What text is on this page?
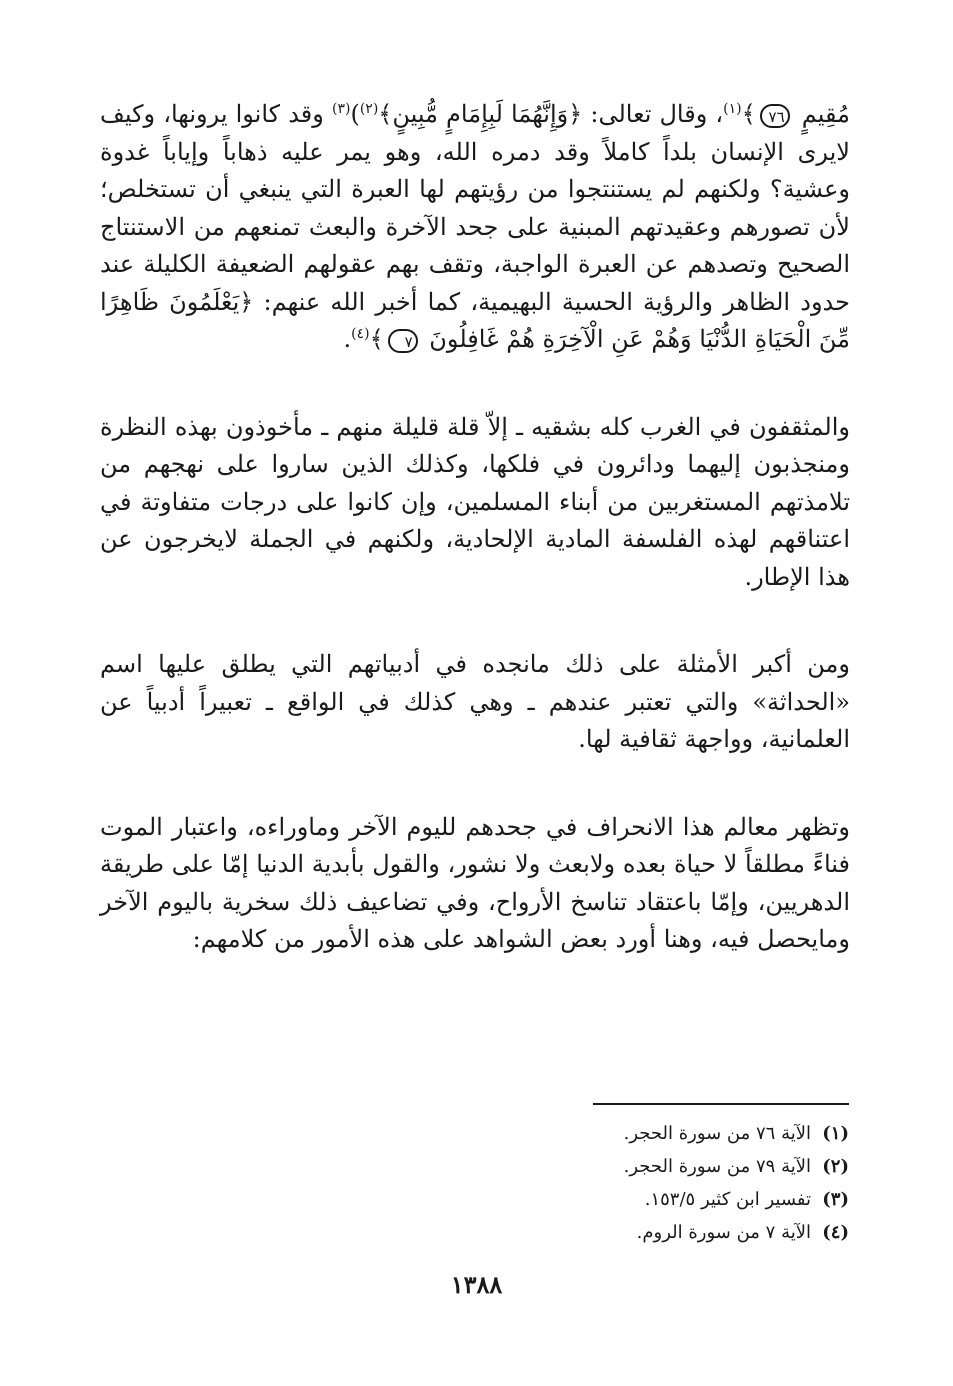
مُقِيمٍ ٧٦﴾$^{(١)}$، وقال تعالى: ﴿وَإِنَّهُمَا لَبِإِمَامٍ مُّبِينٍ﴾$^{(٢)}$)$^{(٣)}$ وقد كانوا يرونها، وكيف لايرى الإنسان بلداً كاملاً وقد دمره الله، وهو يمر عليه ذهاباً وإياباً غدوة وعشية؟ ولكنهم لم يستنتجوا من رؤيتهم لها العبرة التي ينبغي أن تستخلص؛ لأن تصورهم وعقيدتهم المبنية على جحد الآخرة والبعث تمنعهم من الاستنتاج الصحيح وتصدهم عن العبرة الواجبة، وتقف بهم عقولهم الضعيفة الكليلة عند حدود الظاهر والرؤية الحسية البهيمية، كما أخبر الله عنهم: ﴿يَعْلَمُونَ ظَاهِرًا مِّنَ الْحَيَاةِ الدُّنْيَا وَهُمْ عَنِ الْآخِرَةِ هُمْ غَافِلُونَ ٧﴾$^{(٤)}$.

والمثقفون في الغرب كله بشقيه ـ إلاّ قلة قليلة منهم ـ مأخوذون بهذه النظرة ومنجذبون إليهما ودائرون في فلكها، وكذلك الذين ساروا على نهجهم من تلامذتهم المستغربين من أبناء المسلمين، وإن كانوا على درجات متفاوتة في اعتناقهم لهذه الفلسفة المادية الإلحادية، ولكنهم في الجملة لايخرجون عن هذا الإطار.

ومن أكبر الأمثلة على ذلك مانجده في أدبياتهم التي يطلق عليها اسم «الحداثة» والتي تعتبر عندهم ـ وهي كذلك في الواقع ـ تعبيراً أدبياً عن العلمانية، وواجهة ثقافية لها.

وتظهر معالم هذا الانحراف في جحدهم لليوم الآخر وماوراءه، واعتبار الموت فناءً مطلقاً لا حياة بعده ولابعث ولا نشور، والقول بأبدية الدنيا إمّا على طريقة الدهريين، وإمّا باعتقاد تناسخ الأرواح، وفي تضاعيف ذلك سخرية باليوم الآخر ومايحصل فيه، وهنا أورد بعض الشواهد على هذه الأمور من كلامهم:

(١)الآية ٧٦ من سورة الحجر.
(٢)الآية ٧٩ من سورة الحجر.
(٣)تفسير ابن كثير ١٥٣/٥.
(٤)الآية ٧ من سورة الروم.
١٣٨٨
